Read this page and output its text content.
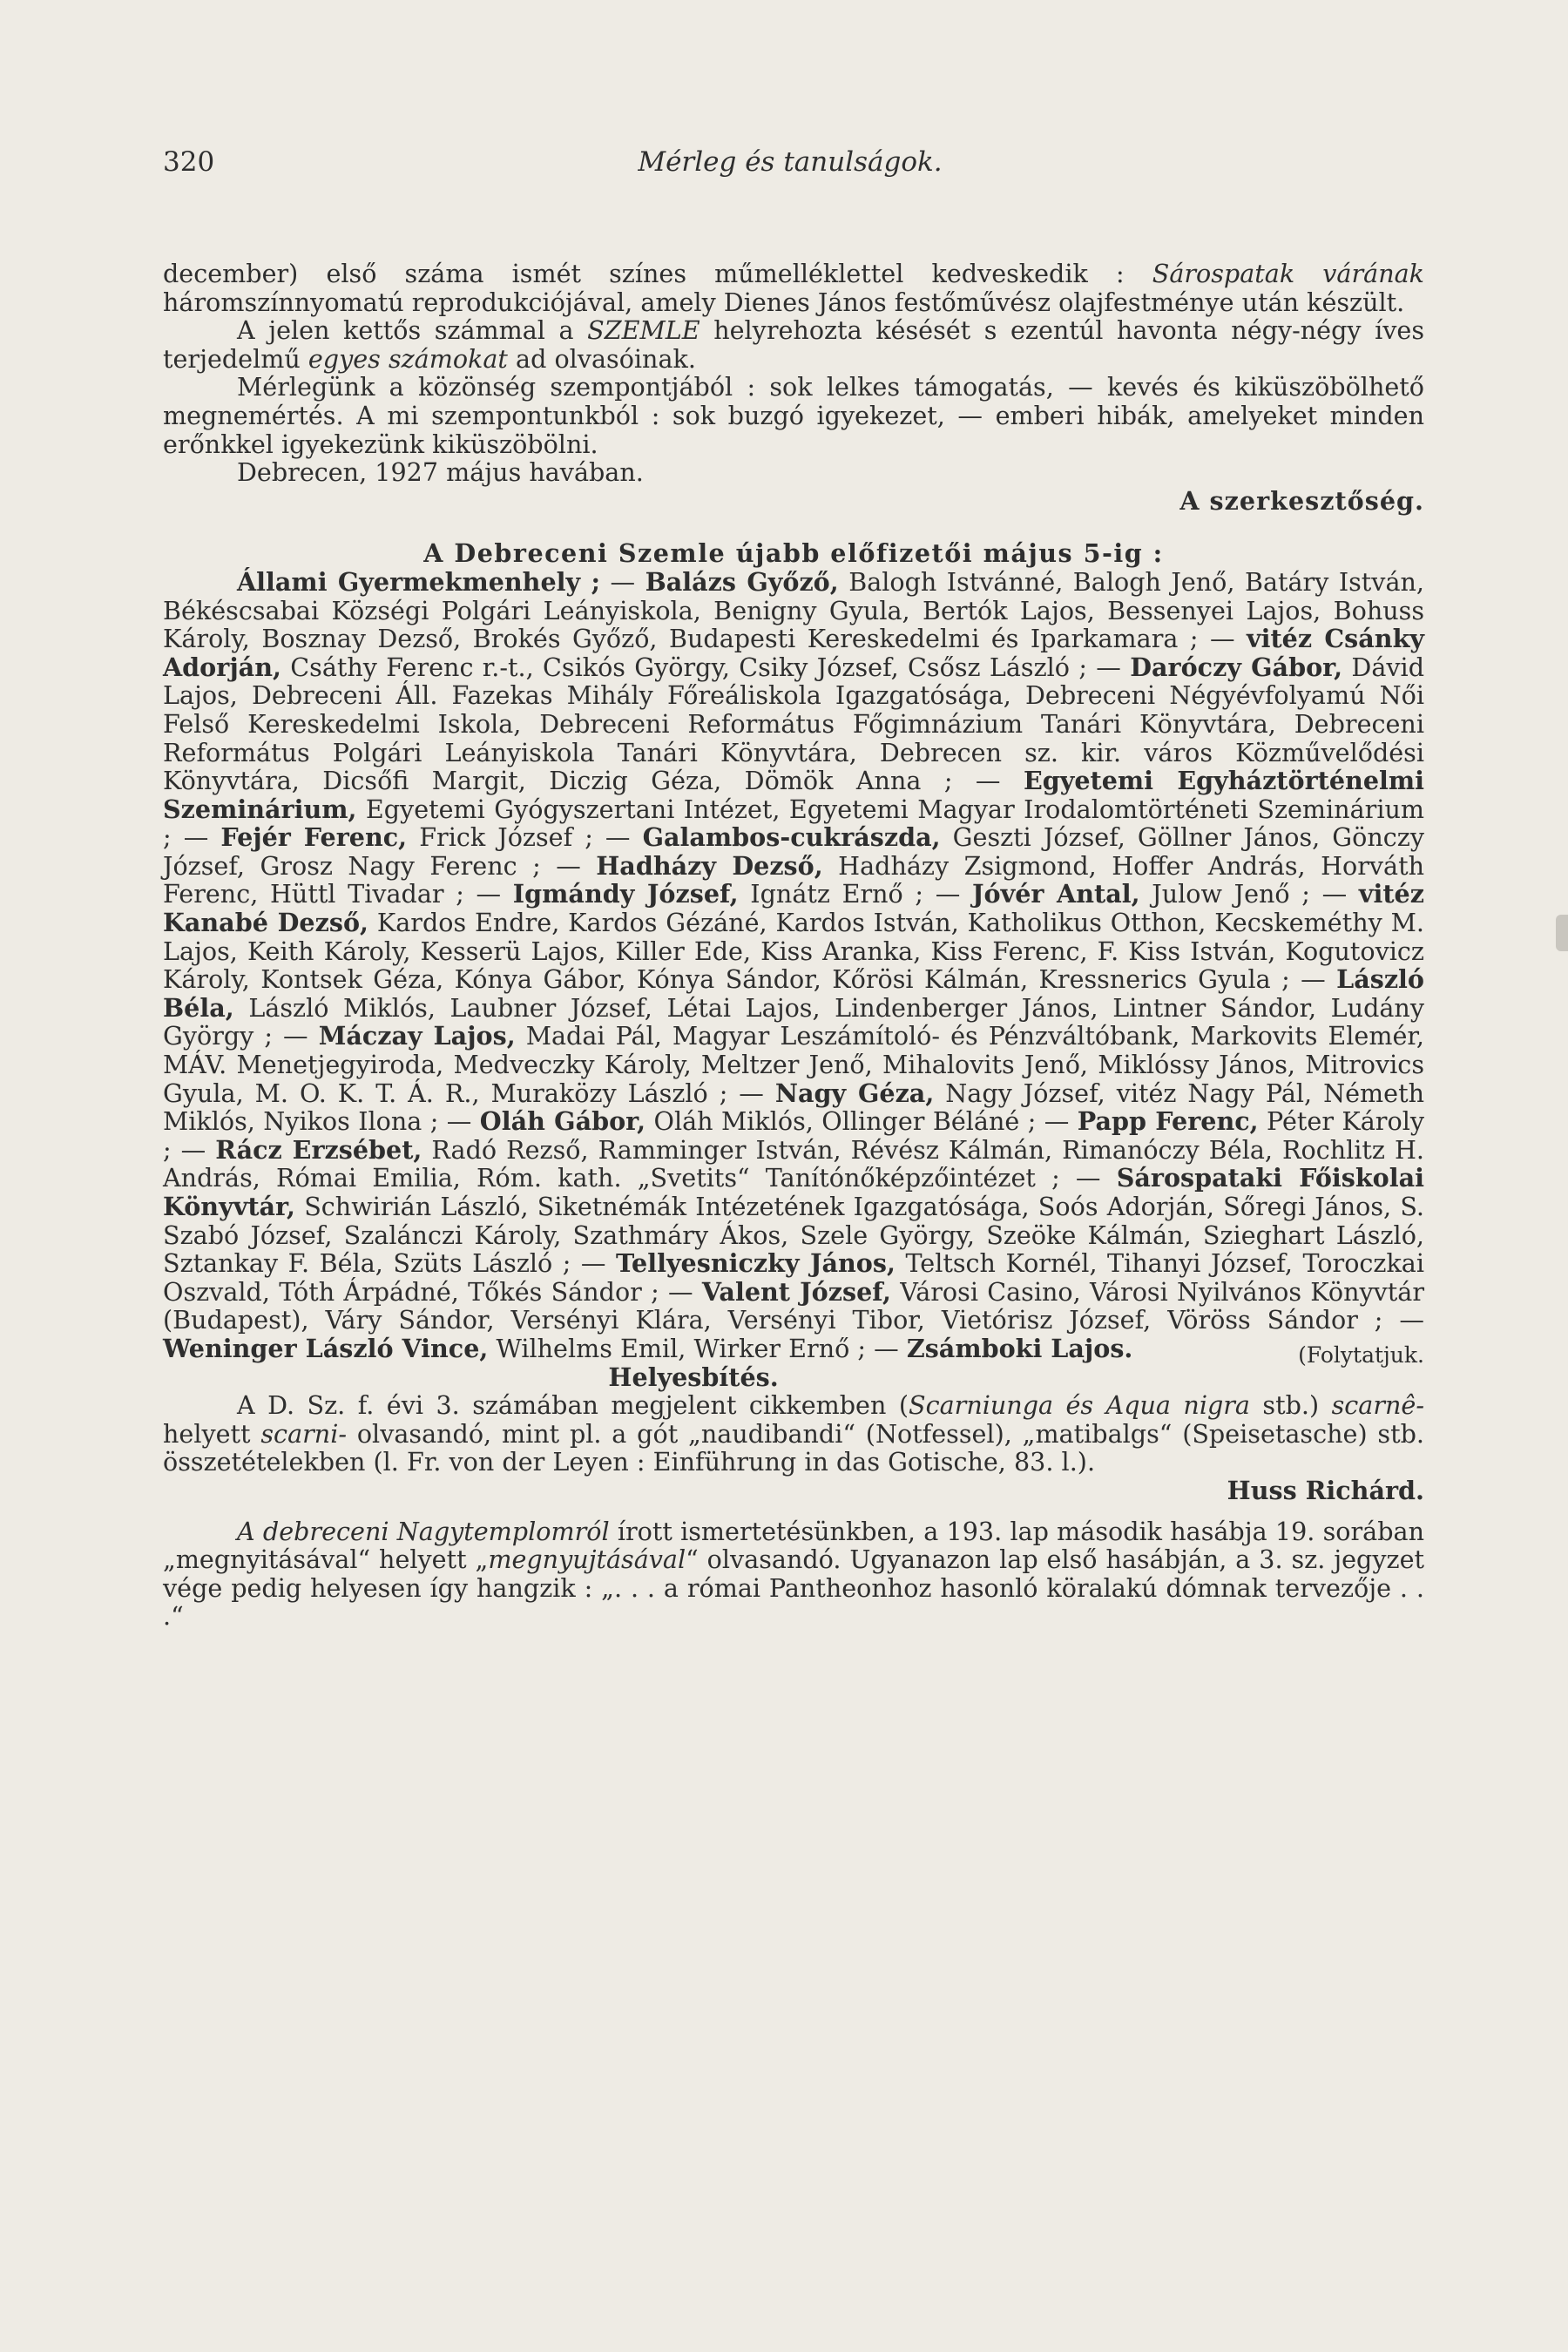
320	Mérleg és tanulságok.

december) első száma ismét színes műmelléklettel kedveskedik : Sárospatak várának háromszínnyomatú reprodukciójával, amely Dienes János festőművész olajfestménye után készült.

A jelen kettős számmal a SZEMLE helyrehozta késését s ezentúl havonta négy-négy íves terjedelmű egyes számokat ad olvasóinak.

Mérlegünk a közönség szempontjából : sok lelkes támogatás, — kevés és kiküszöbölhető megnemértés. A mi szempontunkból : sok buzgó igyekezet, — emberi hibák, amelyeket minden erőnkkel igyekezünk kiküszöbölni.

Debrecen, 1927 május havában.

A szerkesztőség.

A Debreceni Szemle újabb előfizetői május 5-ig :

Állami Gyermekmenhely ; — Balázs Győző, Balogh Istvánné, Balogh Jenő, Batáry István, Békéscsabai Községi Polgári Leányiskola, Benigny Gyula, Bertók Lajos, Bessenyei Lajos, Bohuss Károly, Bosznay Dezső, Brokés Győző, Budapesti Kereskedelmi és Iparkamara ; — vitéz Csánky Adorján, Csáthy Ferenc r.-t., Csikós György, Csiky József, Csősz László ; — Daróczy Gábor, Dávid Lajos, Debreceni Áll. Fazekas Mihály Főreáliskola Igazgatósága, Debreceni Négyévfolyamú Női Felső Kereskedelmi Iskola, Debreceni Református Főgimnázium Tanári Könyvtára, Debreceni Református Polgári Leányiskola Tanári Könyvtára, Debrecen sz. kir. város Közművelődési Könyvtára, Dicsőfi Margit, Diczig Géza, Dömök Anna ; — Egyetemi Egyháztörténelmi Szeminárium, Egyetemi Gyógyszertani Intézet, Egyetemi Magyar Irodalomtörténeti Szeminárium ; — Fejér Ferenc, Frick József ; — Galambos-cukrászda, Geszti József, Göllner János, Gönczy József, Grosz Nagy Ferenc ; — Hadházy Dezső, Hadházy Zsigmond, Hoffer András, Horváth Ferenc, Hüttl Tivadar ; — Igmándy József, Ignátz Ernő ; — Jóvér Antal, Julow Jenő ; — vitéz Kanabé Dezső, Kardos Endre, Kardos Gézáné, Kardos István, Katholikus Otthon, Kecskeméthy M. Lajos, Keith Károly, Kesserü Lajos, Killer Ede, Kiss Aranka, Kiss Ferenc, F. Kiss István, Kogutovicz Károly, Kontsek Géza, Kónya Gábor, Kónya Sándor, Kőrösi Kálmán, Kressnerics Gyula ; — László Béla, László Miklós, Laubner József, Létai Lajos, Lindenberger János, Lintner Sándor, Ludány György ; — Máczay Lajos, Madai Pál, Magyar Leszámítoló- és Pénzváltóbank, Markovits Elemér, MÁV. Menetjegyiroda, Medveczky Károly, Meltzer Jenő, Mihalovits Jenő, Miklóssy János, Mitrovics Gyula, M. O. K. T. Á. R., Muraközy László ; — Nagy Géza, Nagy József, vitéz Nagy Pál, Németh Miklós, Nyikos Ilona ; — Oláh Gábor, Oláh Miklós, Ollinger Béláné ; — Papp Ferenc, Péter Károly ; — Rácz Erzsébet, Radó Rezső, Ramminger István, Révész Kálmán, Rimanóczy Béla, Rochlitz H. András, Római Emilia, Róm. kath. „Svetits“ Tanítónőképzőintézet ; — Sárospataki Főiskolai Könyvtár, Schwirián László, Siketnémák Intézetének Igazgatósága, Soós Adorján, Sőregi János, S. Szabó József, Szalánczi Károly, Szathmáry Ákos, Szele György, Szeöke Kálmán, Szieghart László, Sztankay F. Béla, Szüts László ; — Tellyesniczky János, Teltsch Kornél, Tihanyi József, Toroczkai Oszvald, Tóth Árpádné, Tőkés Sándor ; — Valent József, Városi Casino, Városi Nyilvános Könyvtár (Budapest), Váry Sándor, Versényi Klára, Versényi Tibor, Vietórisz József, Vöröss Sándor ; — Weninger László Vince, Wilhelms Emil, Wirker Ernő ; — Zsámboki Lajos.	(Folytatjuk.

Helyesbítés.

A D. Sz. f. évi 3. számában megjelent cikkemben (Scarniunga és Aqua nigra stb.) scarnê- helyett scarni- olvasandó, mint pl. a gót „naudibandi“ (Notfessel), „matibalgs“ (Speisetasche) stb. összetételekben (l. Fr. von der Leyen : Einführung in das Gotische, 83. l.).

Huss Richárd.

A debreceni Nagytemplomról írott ismertetésünkben, a 193. lap második hasábja 19. sorában „megnyitásával“ helyett „megnyujtásával“ olvasandó. Ugyanazon lap első hasábján, a 3. sz. jegyzet vége pedig helyesen így hangzik : „. . . a római Pantheonhoz hasonló köralakú dómnak tervezője . . .“
